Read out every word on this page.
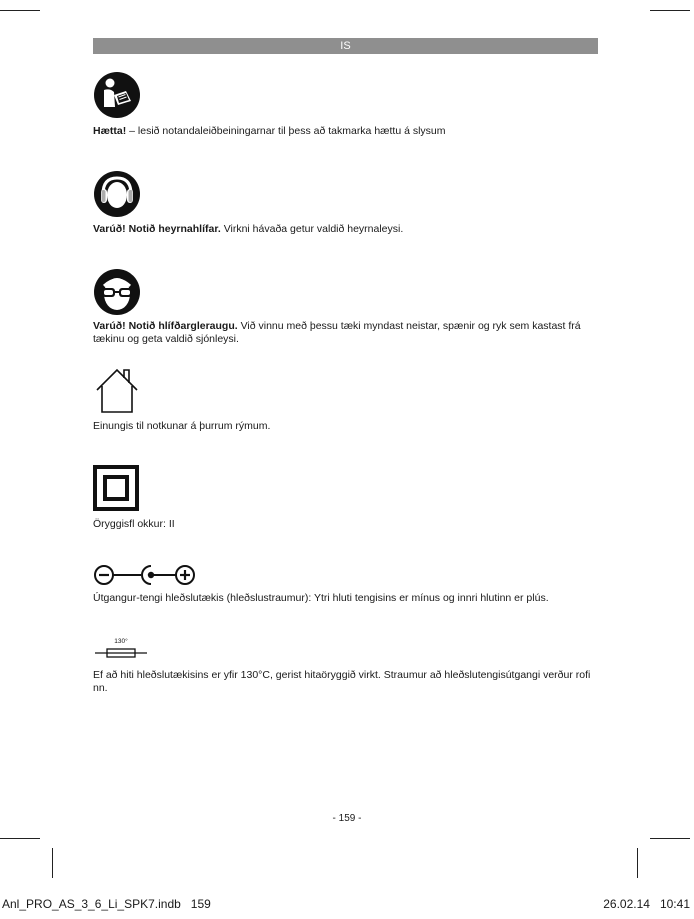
IS
Hætta! – lesið notandaleiðbeiningarnar til þess að takmarka hættu á slysum
Varúð! Notið heyrnahlífar. Virkni hávaða getur valdið heyrnaleysi.
Varúð! Notið hlífðargleraugu. Við vinnu með þessu tæki myndast neistar, spænir og ryk sem kastast frá tækinu og geta valdið sjónleysi.
Einungis til notkunar á þurrum rýmum.
Öryggisfl okkur: II
Útgangur-tengi hleðslutækis (hleðslustraumur): Ytri hluti tengisins er mínus og innri hlutinn er plús.
130°
Ef að hiti hleðslutækisins er yfir 130°C, gerist hitaöryggið virkt. Straumur að hleðslutengisútgangi verður rofi nn.
- 159 -
Anl_PRO_AS_3_6_Li_SPK7.indb   159	26.02.14   10:41
